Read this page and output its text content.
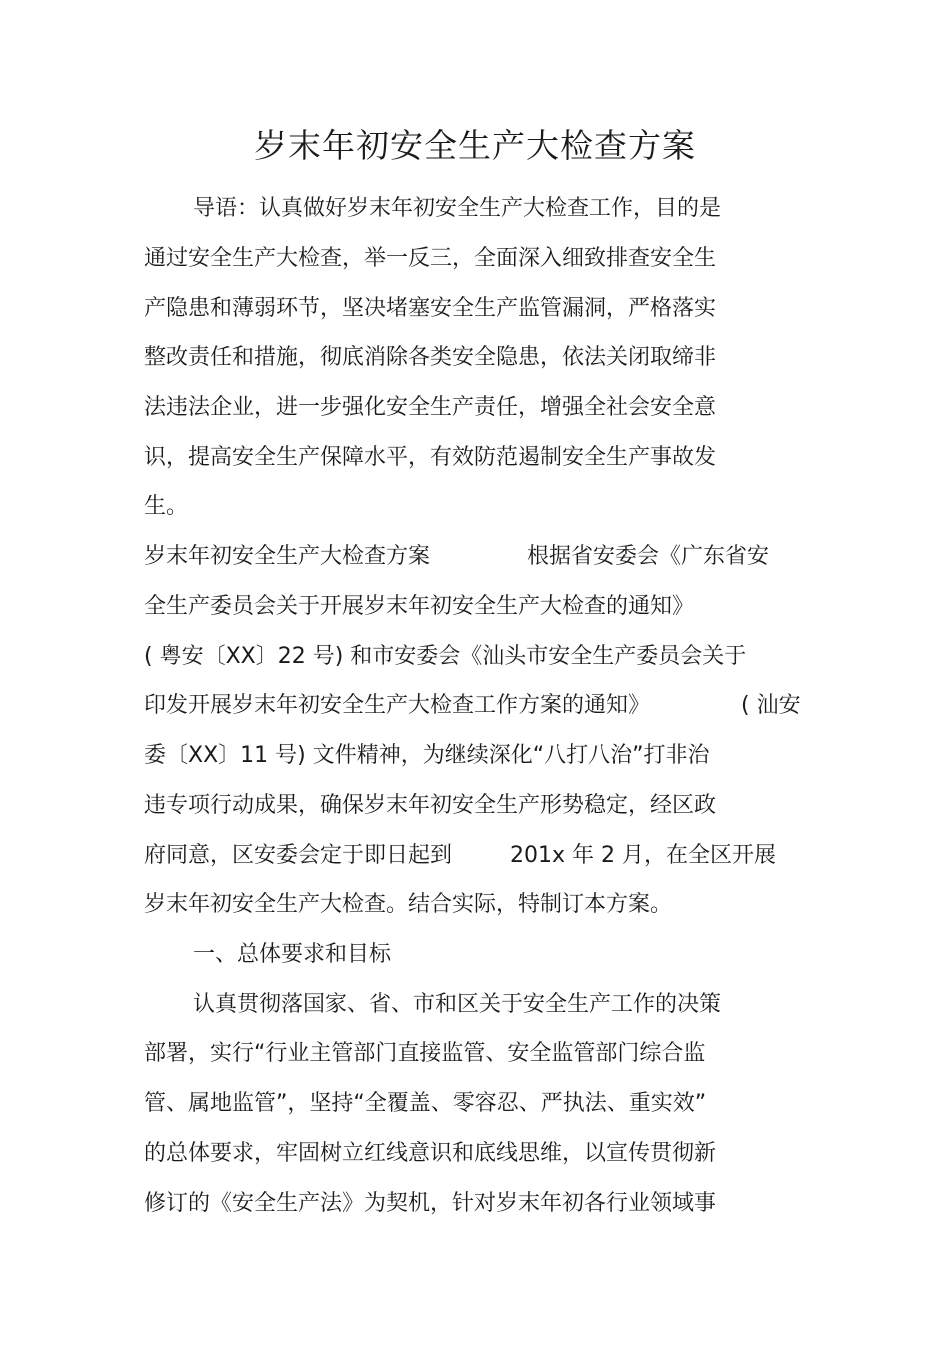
岁末年初安全生产大检查方案
导语：认真做好岁末年初安全生产大检查工作，目的是
通过安全生产大检查，举一反三，全面深入细致排查安全生
产隐患和薄弱环节，坚决堵塞安全生产监管漏洞，严格落实
整改责任和措施，彻底消除各类安全隐患，依法关闭取缔非
法违法企业，进一步强化安全生产责任，增强全社会安全意
识，提高安全生产保障水平，有效防范遏制安全生产事故发
生。
岁末年初安全生产大检查方案	根据省安委会《广东省安
全生产委员会关于开展岁末年初安全生产大检查的通知》
( 粤安〔XX〕22 号) 和市安委会《汕头市安全生产委员会关于
印发开展岁末年初安全生产大检查工作方案的通知》	( 汕安
委〔XX〕11 号) 文件精神，为继续深化“八打八治”打非治
违专项行动成果，确保岁末年初安全生产形势稳定，经区政
府同意，区安委会定于即日起到	201x 年 2 月，在全区开展
岁末年初安全生产大检查。结合实际，特制订本方案。
一、总体要求和目标
认真贯彻落国家、省、市和区关于安全生产工作的决策
部署，实行“行业主管部门直接监管、安全监管部门综合监
管、属地监管”，坚持“全覆盖、零容忍、严执法、重实效”
的总体要求，牢固树立红线意识和底线思维，以宣传贯彻新
修订的《安全生产法》为契机，针对岁末年初各行业领域事
